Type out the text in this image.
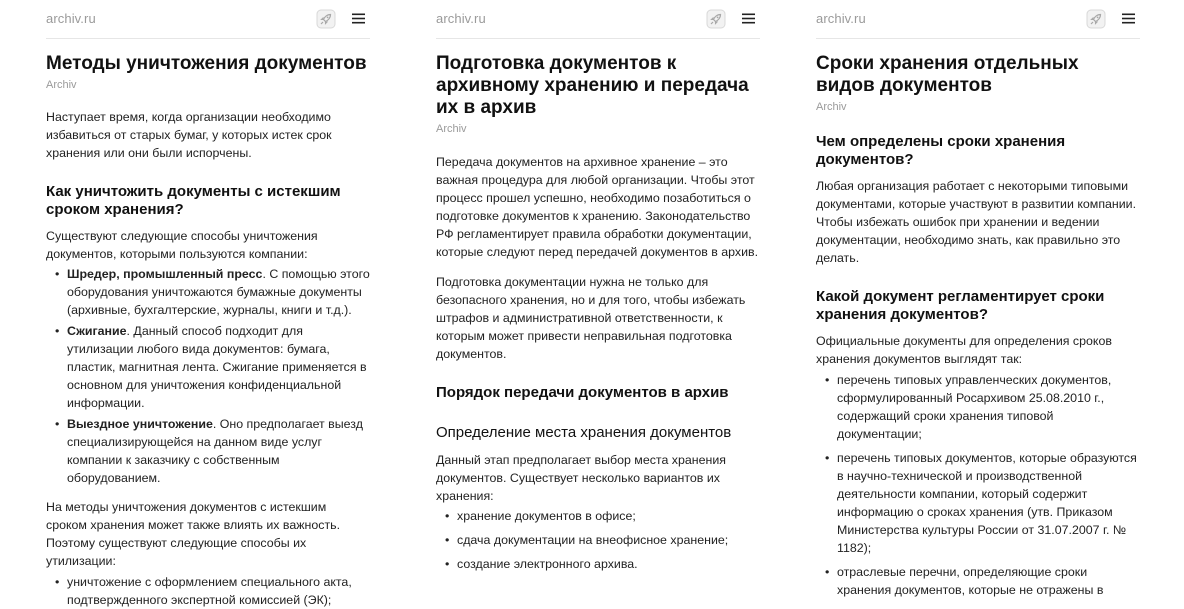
archiv.ru
Методы уничтожения документов
Archiv

Наступает время, когда организации необходимо избавиться от старых бумаг, у которых истек срок хранения или они были испорчены.

Как уничтожить документы с истекшим сроком хранения?

Существуют следующие способы уничтожения документов, которыми пользуются компании:

• Шредер, промышленный пресс. С помощью этого оборудования уничтожаются бумажные документы (архивные, бухгалтерские, журналы, книги и т.д.).
• Сжигание. Данный способ подходит для утилизации любого вида документов: бумага, пластик, магнитная лента. Сжигание применяется в основном для уничтожения конфиденциальной информации.
• Выездное уничтожение. Оно предполагает выезд специализирующейся на данном виде услуг компании к заказчику с собственным оборудованием.

На методы уничтожения документов с истекшим сроком хранения может также влиять их важность. Поэтому существуют следующие способы их утилизации:

• уничтожение с оформлением специального акта, подтвержденного экспертной комиссией (ЭК);
archiv.ru
Подготовка документов к архивному хранению и передача их в архив
Archiv

Передача документов на архивное хранение – это важная процедура для любой организации. Чтобы этот процесс прошел успешно, необходимо позаботиться о подготовке документов к хранению. Законодательство РФ регламентирует правила обработки документации, которые следуют перед передачей документов в архив.

Подготовка документации нужна не только для безопасного хранения, но и для того, чтобы избежать штрафов и административной ответственности, к которым может привести неправильная подготовка документов.

Порядок передачи документов в архив
Определение места хранения документов

Данный этап предполагает выбор места хранения документов. Существует несколько вариантов их хранения:

• хранение документов в офисе;
• сдача документации на внеофисное хранение;
• создание электронного архива.
archiv.ru
Сроки хранения отдельных видов документов
Archiv
Чем определены сроки хранения документов?

Любая организация работает с некоторыми типовыми документами, которые участвуют в развитии компании. Чтобы избежать ошибок при хранении и ведении документации, необходимо знать, как правильно это делать.

Какой документ регламентирует сроки хранения документов?

Официальные документы для определения сроков хранения документов выглядят так:

• перечень типовых управленческих документов, сформулированный Росархивом 25.08.2010 г., содержащий сроки хранения типовой документации;
• перечень типовых документов, которые образуются в научно-технической и производственной деятельности компании, который содержит информацию о сроках хранения (утв. Приказом Министерства культуры России от 31.07.2007 г. № 1182);
• отраслевые перечни, определяющие сроки хранения документов, которые не отражены в
